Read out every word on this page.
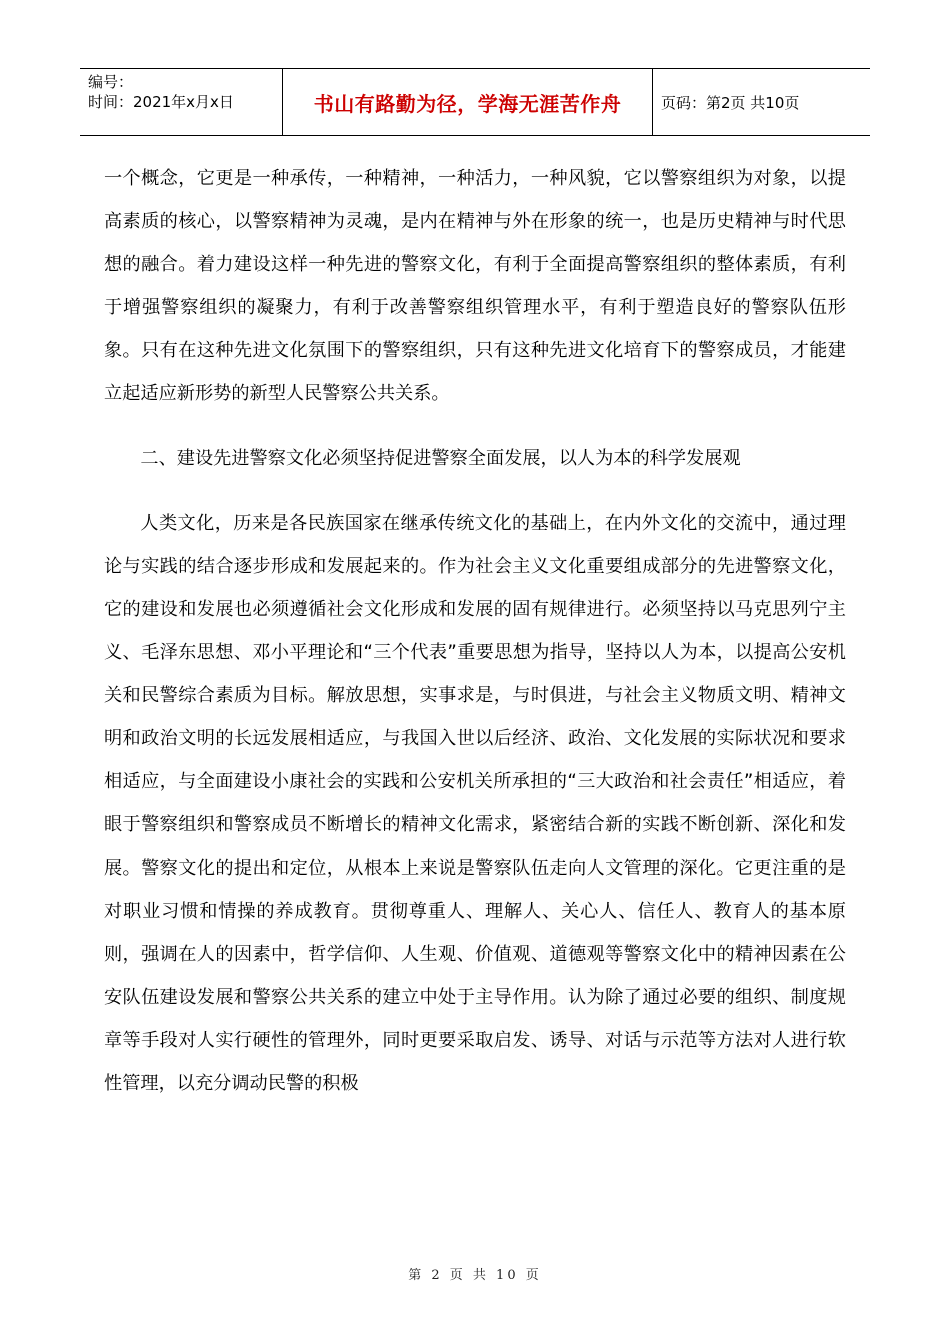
编号：
时间：2021年x月x日	书山有路勤为径，学海无涯苦作舟	页码：第2页 共10页

一个概念，它更是一种承传，一种精神，一种活力，一种风貌，它以警察组织为对象，以提高素质的核心，以警察精神为灵魂，是内在精神与外在形象的统一，也是历史精神与时代思想的融合。着力建设这样一种先进的警察文化，有利于全面提高警察组织的整体素质，有利于增强警察组织的凝聚力，有利于改善警察组织管理水平，有利于塑造良好的警察队伍形象。只有在这种先进文化氛围下的警察组织，只有这种先进文化培育下的警察成员，才能建立起适应新形势的新型人民警察公共关系。

二、建设先进警察文化必须坚持促进警察全面发展，以人为本的科学发展观

人类文化，历来是各民族国家在继承传统文化的基础上，在内外文化的交流中，通过理论与实践的结合逐步形成和发展起来的。作为社会主义文化重要组成部分的先进警察文化，它的建设和发展也必须遵循社会文化形成和发展的固有规律进行。必须坚持以马克思列宁主义、毛泽东思想、邓小平理论和“三个代表”重要思想为指导，坚持以人为本，以提高公安机关和民警综合素质为目标。解放思想，实事求是，与时俱进，与社会主义物质文明、精神文明和政治文明的长远发展相适应，与我国入世以后经济、政治、文化发展的实际状况和要求相适应，与全面建设小康社会的实践和公安机关所承担的“三大政治和社会责任”相适应，着眼于警察组织和警察成员不断增长的精神文化需求，紧密结合新的实践不断创新、深化和发展。警察文化的提出和定位，从根本上来说是警察队伍走向人文管理的深化。它更注重的是对职业习惯和情操的养成教育。贯彻尊重人、理解人、关心人、信任人、教育人的基本原则，强调在人的因素中，哲学信仰、人生观、价值观、道德观等警察文化中的精神因素在公安队伍建设发展和警察公共关系的建立中处于主导作用。认为除了通过必要的组织、制度规章等手段对人实行硬性的管理外，同时更要采取启发、诱导、对话与示范等方法对人进行软性管理，以充分调动民警的积极

第 2 页 共 10 页
